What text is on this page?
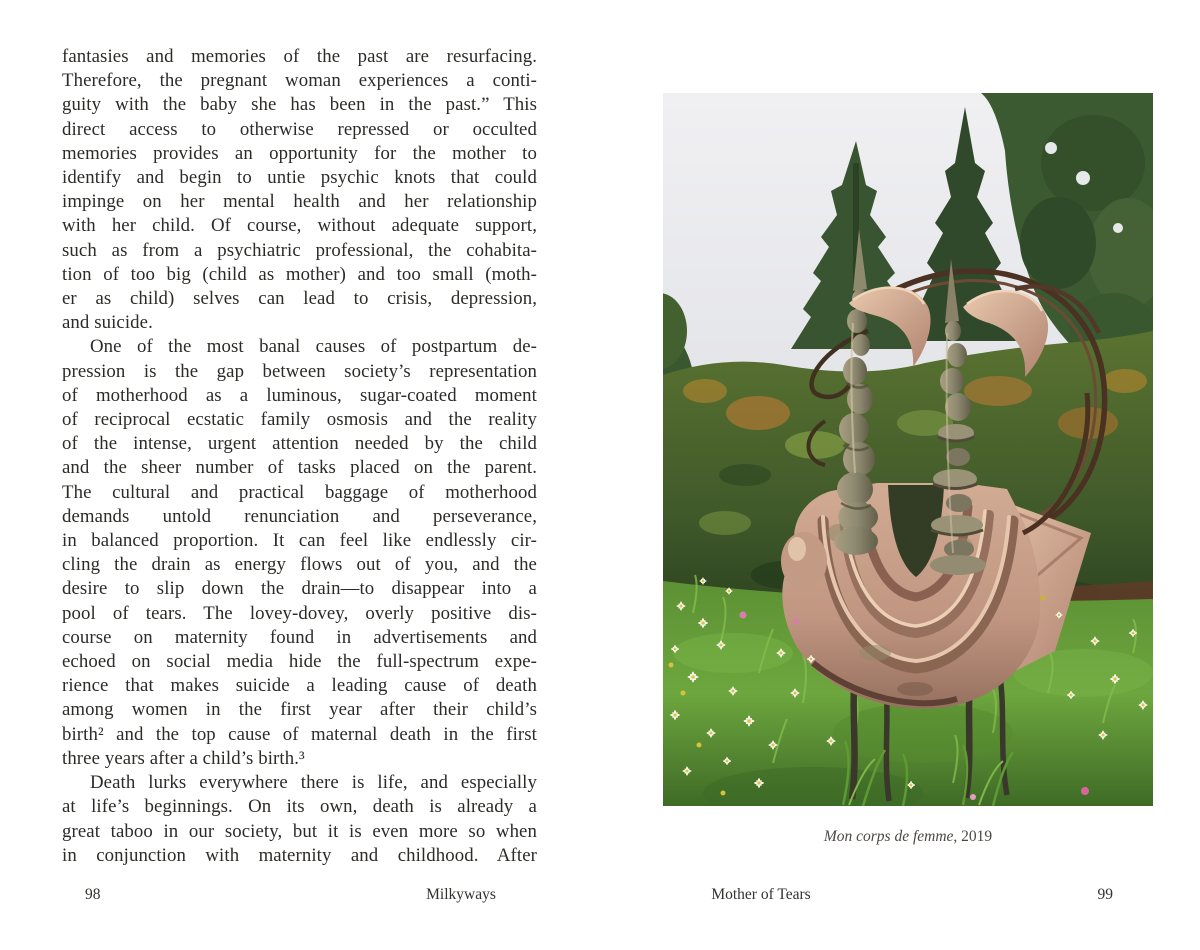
fantasies and memories of the past are resurfacing.
Therefore, the pregnant woman experiences a conti-
guity with the baby she has been in the past.” This
direct access to otherwise repressed or occulted
memories provides an opportunity for the mother to
identify and begin to untie psychic knots that could
impinge on her mental health and her relationship
with her child. Of course, without adequate support,
such as from a psychiatric professional, the cohabita-
tion of too big (child as mother) and too small (moth-
er as child) selves can lead to crisis, depression,
and suicide.
One of the most banal causes of postpartum de-
pression is the gap between society’s representation
of motherhood as a luminous, sugar-coated moment
of reciprocal ecstatic family osmosis and the reality
of the intense, urgent attention needed by the child
and the sheer number of tasks placed on the parent.
The cultural and practical baggage of motherhood
demands untold renunciation and perseverance,
in balanced proportion. It can feel like endlessly cir-
cling the drain as energy flows out of you, and the
desire to slip down the drain—to disappear into a
pool of tears. The lovey-dovey, overly positive dis-
course on maternity found in advertisements and
echoed on social media hide the full-spectrum expe-
rience that makes suicide a leading cause of death
among women in the first year after their child’s
birth² and the top cause of maternal death in the first
three years after a child’s birth.³
Death lurks everywhere there is life, and especially
at life’s beginnings. On its own, death is already a
great taboo in our society, but it is even more so when
in conjunction with maternity and childhood. After
Mon corps de femme, 2019
98	Milkyways	Mother of Tears	99
